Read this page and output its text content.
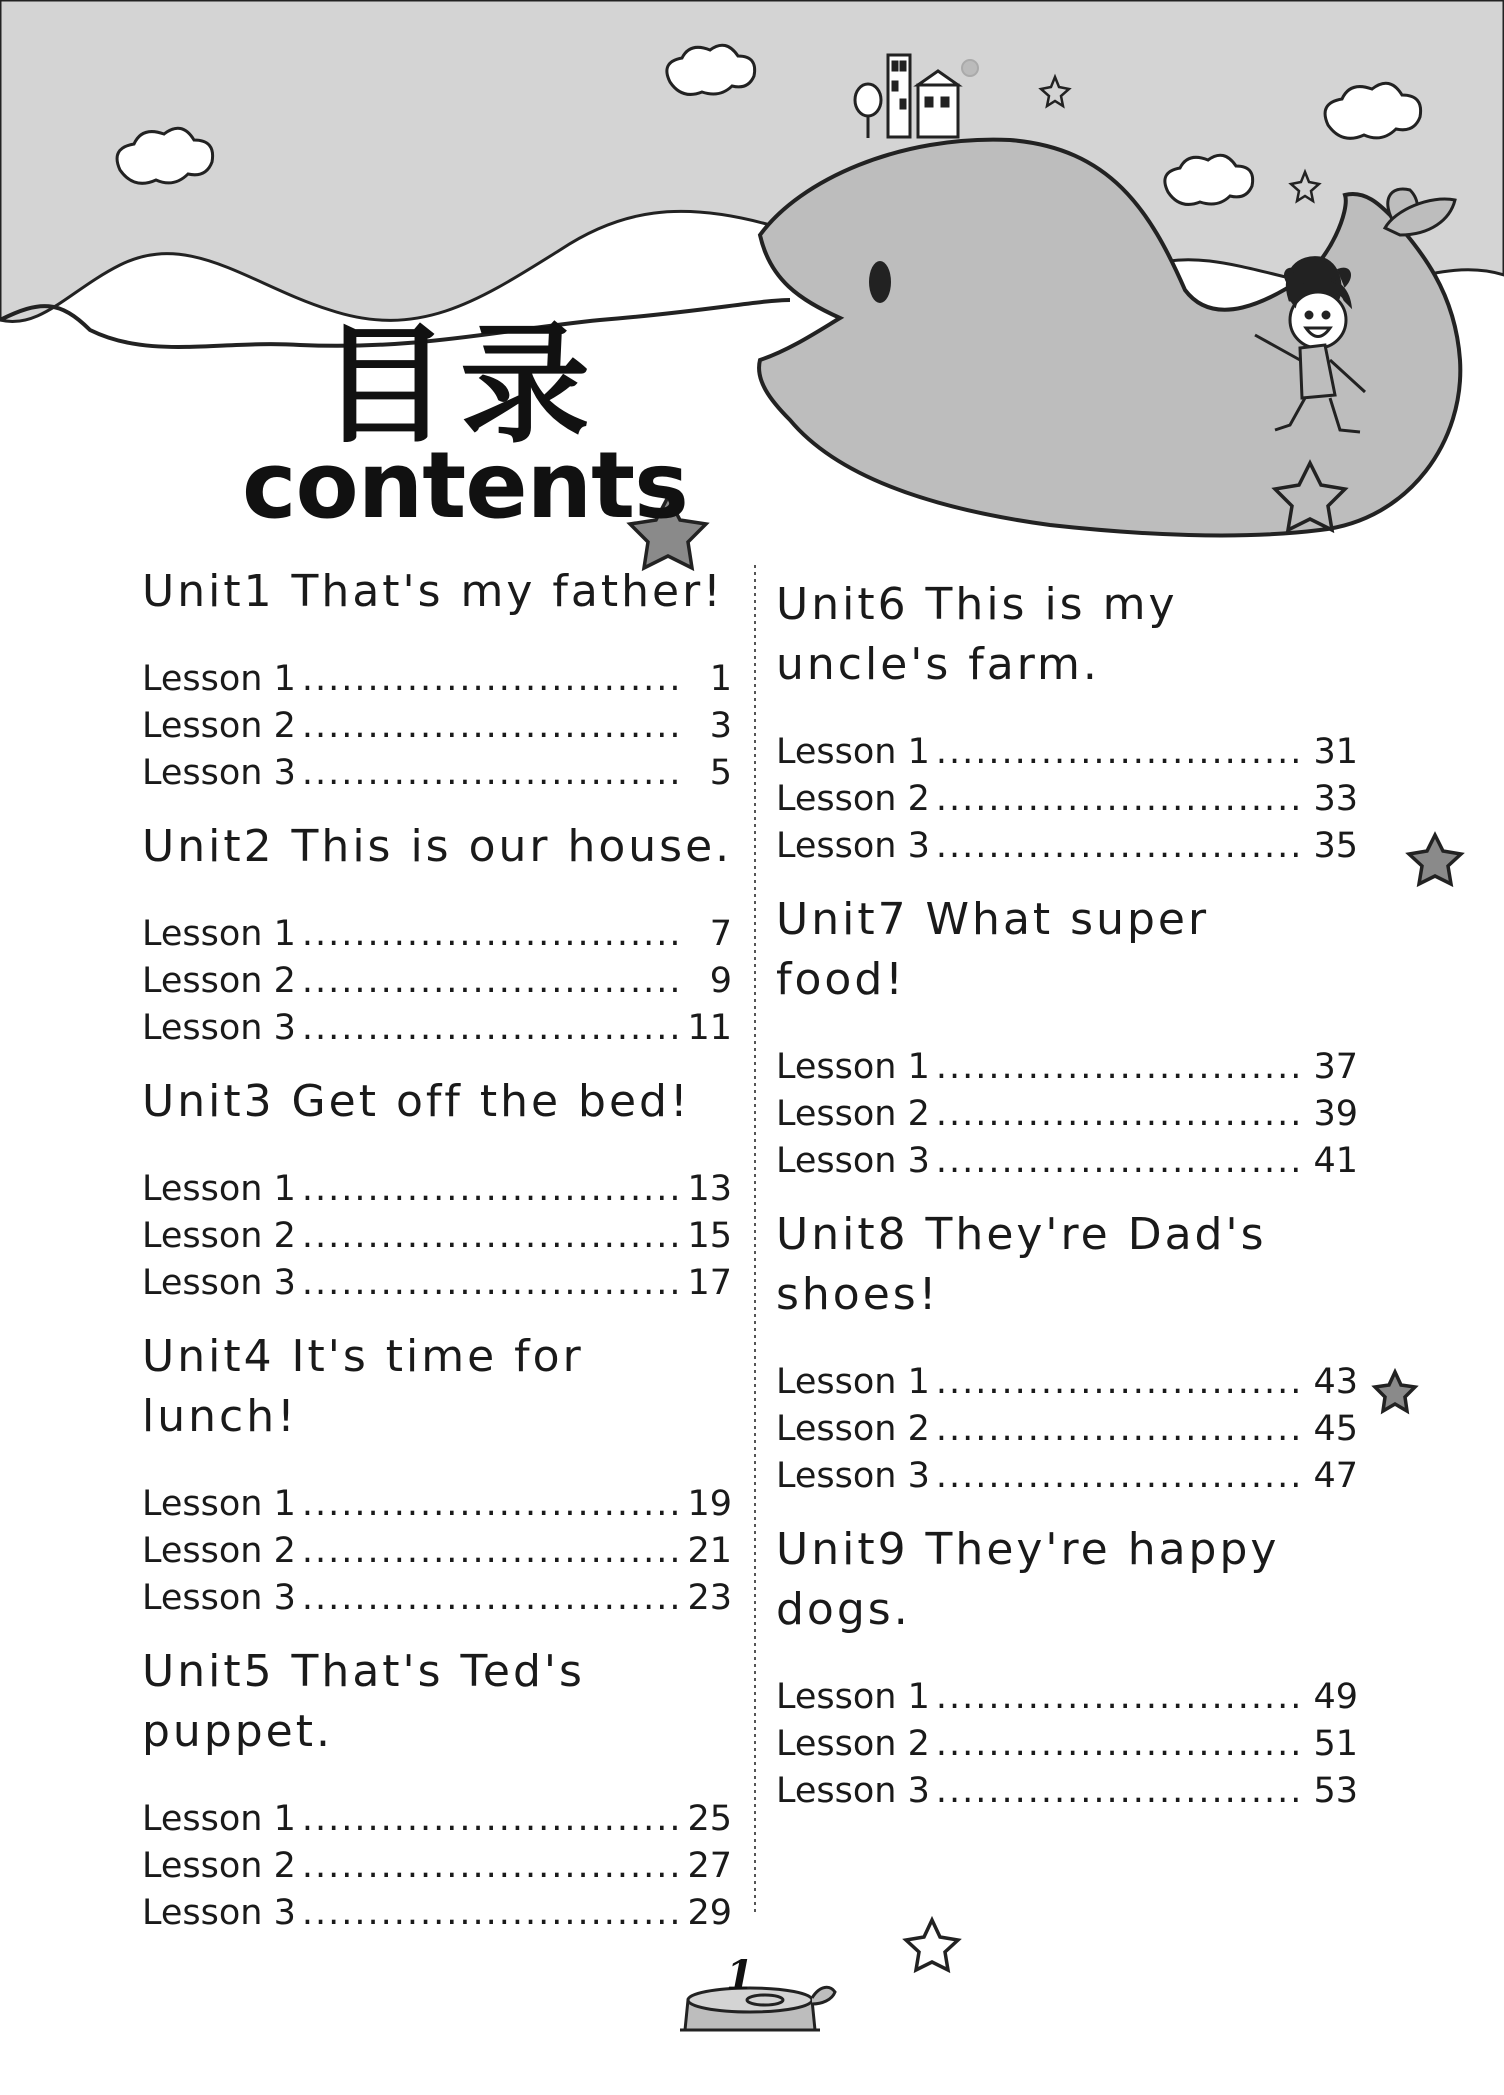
目录
contents
Unit1 That's my father!
Lesson 1 .....	1
Lesson 2 .....	3
Lesson 3 .....	5
Unit2 This is our house.
Lesson 1 .....	7
Lesson 2 .....	9
Lesson 3 .....	11
Unit3 Get off the bed!
Lesson 1 .....	13
Lesson 2 .....	15
Lesson 3 .....	17
Unit4 It's time for lunch!
Lesson 1 .....	19
Lesson 2 .....	21
Lesson 3 .....	23
Unit5 That's Ted's puppet.
Lesson 1 .....	25
Lesson 2 .....	27
Lesson 3 .....	29
Unit6 This is my uncle's farm.
Lesson 1 .....	31
Lesson 2 .....	33
Lesson 3 .....	35
Unit7 What super food!
Lesson 1 .....	37
Lesson 2 .....	39
Lesson 3 .....	41
Unit8 They're Dad's shoes!
Lesson 1 .....	43
Lesson 2 .....	45
Lesson 3 .....	47
Unit9 They're happy dogs.
Lesson 1 .....	49
Lesson 2 .....	51
Lesson 3 .....	53
1
